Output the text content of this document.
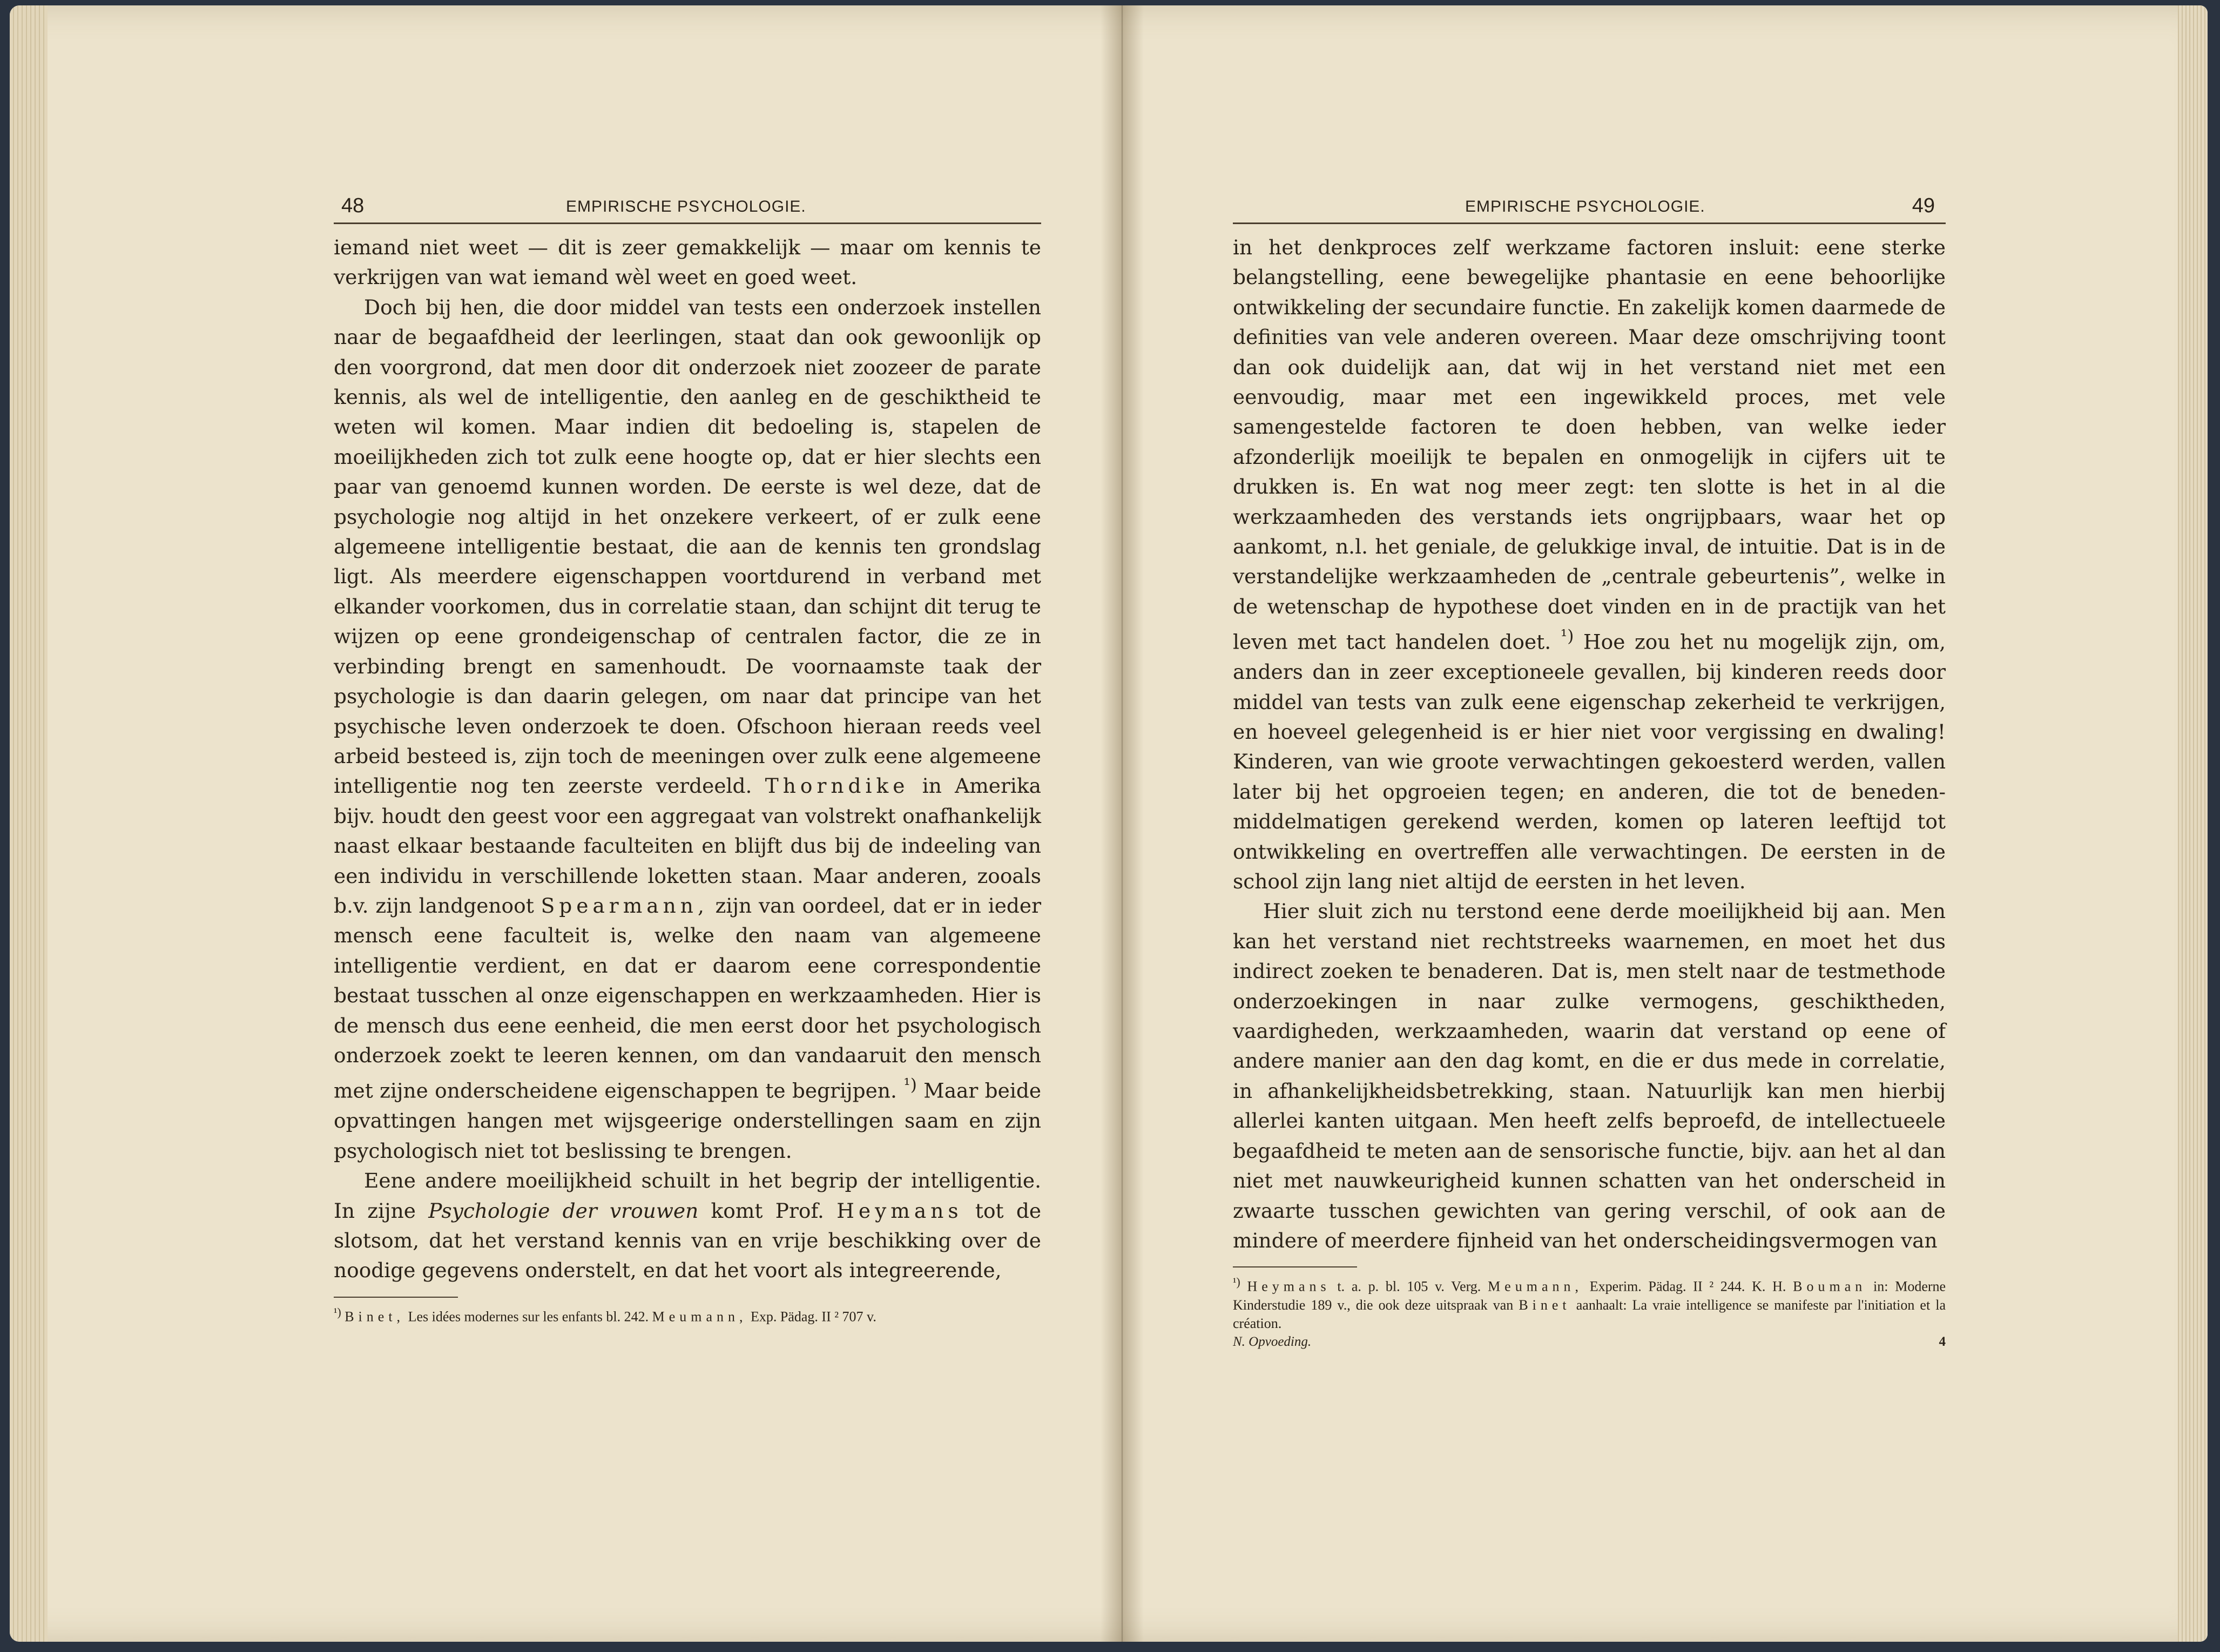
48	EMPIRISCHE PSYCHOLOGIE.

iemand niet weet — dit is zeer gemakkelijk — maar om kennis te verkrijgen van wat iemand wèl weet en goed weet.

Doch bij hen, die door middel van tests een onderzoek instellen naar de begaafdheid der leerlingen, staat dan ook gewoonlijk op den voorgrond, dat men door dit onderzoek niet zoozeer de parate kennis, als wel de intelligentie, den aanleg en de geschiktheid te weten wil komen. Maar indien dit bedoeling is, stapelen de moeilijkheden zich tot zulk eene hoogte op, dat er hier slechts een paar van genoemd kunnen worden. De eerste is wel deze, dat de psychologie nog altijd in het onzekere verkeert, of er zulk eene algemeene intelligentie bestaat, die aan de kennis ten grondslag ligt. Als meerdere eigenschappen voortdurend in verband met elkander voorkomen, dus in correlatie staan, dan schijnt dit terug te wijzen op eene grondeigenschap of centralen factor, die ze in verbinding brengt en samenhoudt. De voornaamste taak der psychologie is dan daarin gelegen, om naar dat principe van het psychische leven onderzoek te doen. Ofschoon hieraan reeds veel arbeid besteed is, zijn toch de meeningen over zulk eene algemeene intelligentie nog ten zeerste verdeeld. Thorndike in Amerika bijv. houdt den geest voor een aggregaat van volstrekt onafhankelijk naast elkaar bestaande faculteiten en blijft dus bij de indeeling van een individu in verschillende loketten staan. Maar anderen, zooals b.v. zijn landgenoot Spearmann, zijn van oordeel, dat er in ieder mensch eene faculteit is, welke den naam van algemeene intelligentie verdient, en dat er daarom eene correspondentie bestaat tusschen al onze eigenschappen en werkzaamheden. Hier is de mensch dus eene eenheid, die men eerst door het psychologisch onderzoek zoekt te leeren kennen, om dan vandaaruit den mensch met zijne onderscheidene eigenschappen te begrijpen. $^{^1)}$ Maar beide opvattingen hangen met wijsgeerige onderstellingen saam en zijn psychologisch niet tot beslissing te brengen.

Eene andere moeilijkheid schuilt in het begrip der intelligentie. In zijne Psychologie der vrouwen komt Prof. Heymans tot de slotsom, dat het verstand kennis van en vrije beschikking over de noodige gegevens onderstelt, en dat het voort als integreerende,

$^{^1)}$ Binet, Les idées modernes sur les enfants bl. 242. Meumann, Exp. Pädag. II ² 707 v.

EMPIRISCHE PSYCHOLOGIE.	49

in het denkproces zelf werkzame factoren insluit: eene sterke belangstelling, eene bewegelijke phantasie en eene behoorlijke ontwikkeling der secundaire functie. En zakelijk komen daarmede de definities van vele anderen overeen. Maar deze omschrijving toont dan ook duidelijk aan, dat wij in het verstand niet met een eenvoudig, maar met een ingewikkeld proces, met vele samengestelde factoren te doen hebben, van welke ieder afzonderlijk moeilijk te bepalen en onmogelijk in cijfers uit te drukken is. En wat nog meer zegt: ten slotte is het in al die werkzaamheden des verstands iets ongrijpbaars, waar het op aankomt, n.l. het geniale, de gelukkige inval, de intuitie. Dat is in de verstandelijke werkzaamheden de „centrale gebeurtenis”, welke in de wetenschap de hypothese doet vinden en in de practijk van het leven met tact handelen doet. $^{^1)}$ Hoe zou het nu mogelijk zijn, om, anders dan in zeer exceptioneele gevallen, bij kinderen reeds door middel van tests van zulk eene eigenschap zekerheid te verkrijgen, en hoeveel gelegenheid is er hier niet voor vergissing en dwaling! Kinderen, van wie groote verwachtingen gekoesterd werden, vallen later bij het opgroeien tegen; en anderen, die tot de beneden-middelmatigen gerekend werden, komen op lateren leeftijd tot ontwikkeling en overtreffen alle verwachtingen. De eersten in de school zijn lang niet altijd de eersten in het leven.

Hier sluit zich nu terstond eene derde moeilijkheid bij aan. Men kan het verstand niet rechtstreeks waarnemen, en moet het dus indirect zoeken te benaderen. Dat is, men stelt naar de testmethode onderzoekingen in naar zulke vermogens, geschiktheden, vaardigheden, werkzaamheden, waarin dat verstand op eene of andere manier aan den dag komt, en die er dus mede in correlatie, in afhankelijkheidsbetrekking, staan. Natuurlijk kan men hierbij allerlei kanten uitgaan. Men heeft zelfs beproefd, de intellectueele begaafdheid te meten aan de sensorische functie, bijv. aan het al dan niet met nauwkeurigheid kunnen schatten van het onderscheid in zwaarte tusschen gewichten van gering verschil, of ook aan de mindere of meerdere fijnheid van het onderscheidingsvermogen van

$^{^1)}$ Heymans t. a. p. bl. 105 v. Verg. Meumann, Experim. Pädag. II ² 244. K. H. Bouman in: Moderne Kinderstudie 189 v., die ook deze uitspraak van Binet aanhaalt: La vraie intelligence se manifeste par l'initiation et la création.

N. Opvoeding.	4
